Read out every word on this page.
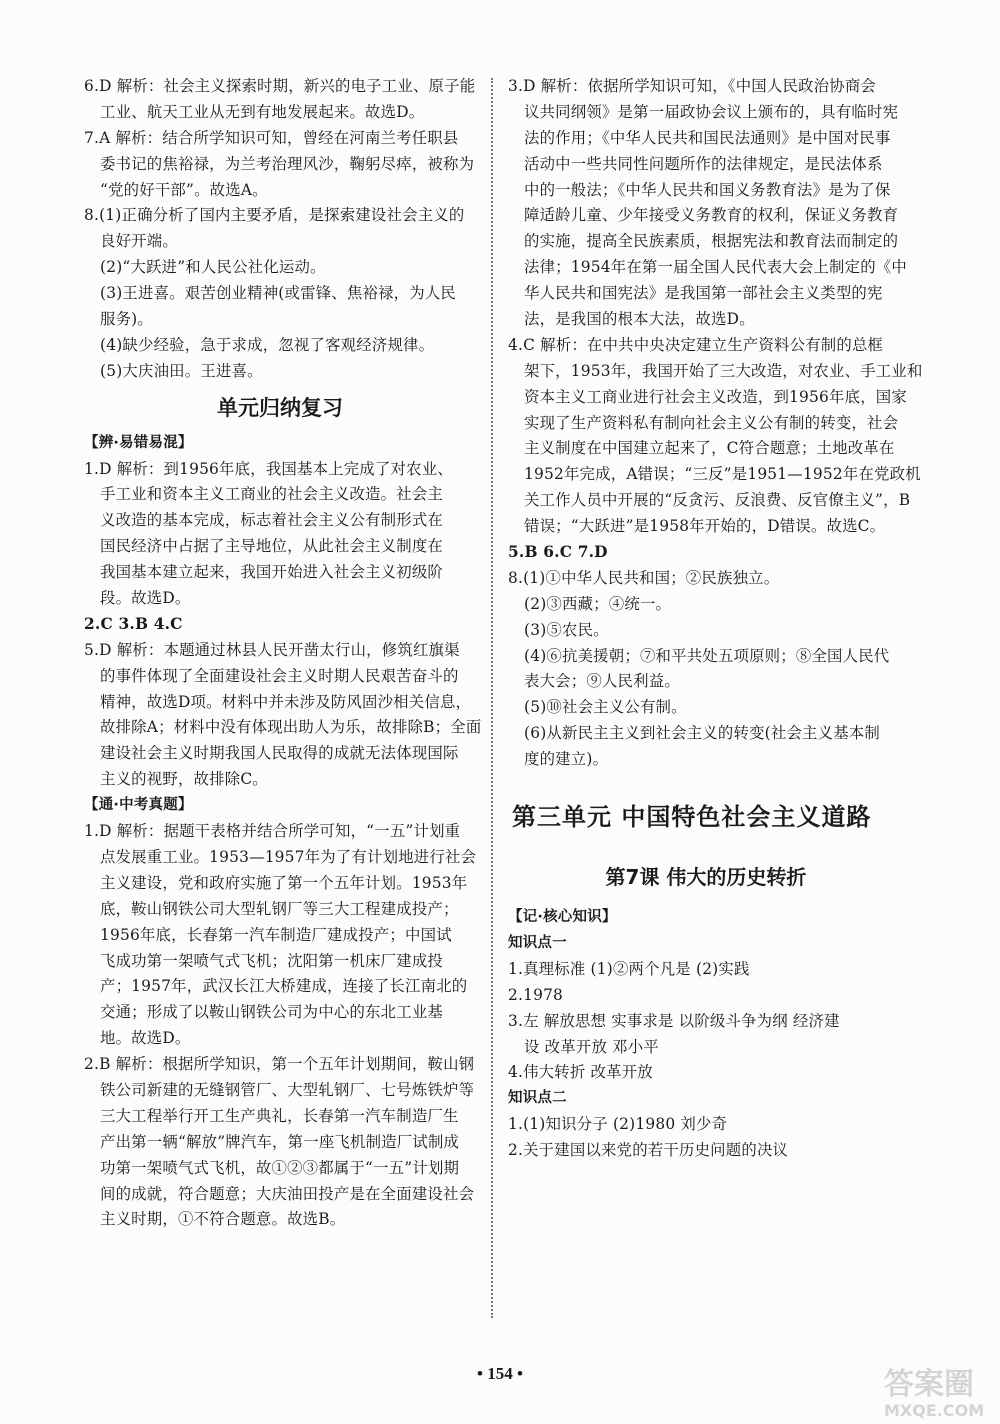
6.D 解析：社会主义探索时期，新兴的电子工业、原子能
工业、航天工业从无到有地发展起来。故选D。
7.A 解析：结合所学知识可知，曾经在河南兰考任职县
委书记的焦裕禄，为兰考治理风沙，鞠躬尽瘁，被称为
“党的好干部”。故选A。
8.(1)正确分析了国内主要矛盾，是探索建设社会主义的
良好开端。
(2)“大跃进”和人民公社化运动。
(3)王进喜。艰苦创业精神(或雷锋、焦裕禄，为人民
服务)。
(4)缺少经验，急于求成，忽视了客观经济规律。
(5)大庆油田。王进喜。
单元归纳复习
【辨·易错易混】
1.D 解析：到1956年底，我国基本上完成了对农业、
手工业和资本主义工商业的社会主义改造。社会主
义改造的基本完成，标志着社会主义公有制形式在
国民经济中占据了主导地位，从此社会主义制度在
我国基本建立起来，我国开始进入社会主义初级阶
段。故选D。
2.C 3.B 4.C
5.D 解析：本题通过林县人民开凿太行山，修筑红旗渠
的事件体现了全面建设社会主义时期人民艰苦奋斗的
精神，故选D项。材料中并未涉及防风固沙相关信息，
故排除A；材料中没有体现出助人为乐，故排除B；全面
建设社会主义时期我国人民取得的成就无法体现国际
主义的视野，故排除C。
【通·中考真题】
1.D 解析：据题干表格并结合所学可知，“一五”计划重
点发展重工业。1953—1957年为了有计划地进行社会
主义建设，党和政府实施了第一个五年计划。1953年
底，鞍山钢铁公司大型轧钢厂等三大工程建成投产；
1956年底，长春第一汽车制造厂建成投产；中国试
飞成功第一架喷气式飞机；沈阳第一机床厂建成投
产；1957年，武汉长江大桥建成，连接了长江南北的
交通；形成了以鞍山钢铁公司为中心的东北工业基
地。故选D。
2.B 解析：根据所学知识，第一个五年计划期间，鞍山钢
铁公司新建的无缝钢管厂、大型轧钢厂、七号炼铁炉等
三大工程举行开工生产典礼，长春第一汽车制造厂生
产出第一辆“解放”牌汽车，第一座飞机制造厂试制成
功第一架喷气式飞机，故①②③都属于“一五”计划期
间的成就，符合题意；大庆油田投产是在全面建设社会
主义时期，①不符合题意。故选B。
3.D 解析：依据所学知识可知，《中国人民政治协商会
议共同纲领》是第一届政协会议上颁布的，具有临时宪
法的作用；《中华人民共和国民法通则》是中国对民事
活动中一些共同性问题所作的法律规定，是民法体系
中的一般法；《中华人民共和国义务教育法》是为了保
障适龄儿童、少年接受义务教育的权利，保证义务教育
的实施，提高全民族素质，根据宪法和教育法而制定的
法律；1954年在第一届全国人民代表大会上制定的《中
华人民共和国宪法》是我国第一部社会主义类型的宪
法，是我国的根本大法，故选D。
4.C 解析：在中共中央决定建立生产资料公有制的总框
架下，1953年，我国开始了三大改造，对农业、手工业和
资本主义工商业进行社会主义改造，到1956年底，国家
实现了生产资料私有制向社会主义公有制的转变，社会
主义制度在中国建立起来了，C符合题意；土地改革在
1952年完成，A错误；“三反”是1951—1952年在党政机
关工作人员中开展的“反贪污、反浪费、反官僚主义”，B
错误；“大跃进”是1958年开始的，D错误。故选C。
5.B 6.C 7.D
8.(1)①中华人民共和国；②民族独立。
(2)③西藏；④统一。
(3)⑤农民。
(4)⑥抗美援朝；⑦和平共处五项原则；⑧全国人民代
表大会；⑨人民利益。
(5)⑩社会主义公有制。
(6)从新民主主义到社会主义的转变(社会主义基本制
度的建立)。
第三单元 中国特色社会主义道路
第7课 伟大的历史转折
【记·核心知识】
知识点一
1.真理标准 (1)②两个凡是 (2)实践
2.1978
3.左 解放思想 实事求是 以阶级斗争为纲 经济建
设 改革开放 邓小平
4.伟大转折 改革开放
知识点二
1.(1)知识分子 (2)1980 刘少奇
2.关于建国以来党的若干历史问题的决议
• 154 •	答案圈
MXQE.COM
